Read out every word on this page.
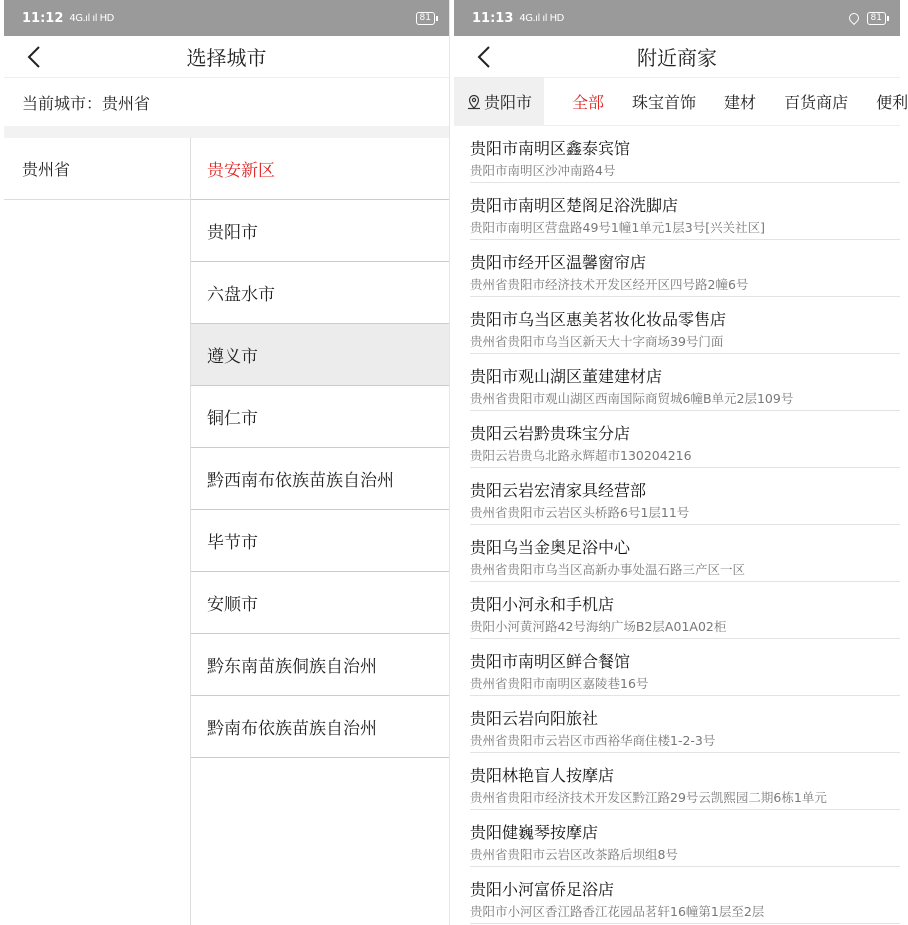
11:12 4G.ıl ıl HD	81
选择城市
当前城市：贵州省
贵州省	贵安新区
贵阳市
六盘水市
遵义市
铜仁市
黔西南布依族苗族自治州
毕节市
安顺市
黔东南苗族侗族自治州
黔南布依族苗族自治州
11:13 4G.ıl ıl HD	81
附近商家
贵阳市	全部 珠宝首饰 建材 百货商店 便利
贵阳市南明区鑫泰宾馆
贵阳市南明区沙冲南路4号
贵阳市南明区楚阁足浴洗脚店
贵阳市南明区营盘路49号1幢1单元1层3号[兴关社区]
贵阳市经开区温馨窗帘店
贵州省贵阳市经济技术开发区经开区四号路2幢6号
贵阳市乌当区惠美茗妆化妆品零售店
贵州省贵阳市乌当区新天大十字商场39号门面
贵阳市观山湖区董建建材店
贵州省贵阳市观山湖区西南国际商贸城6幢B单元2层109号
贵阳云岩黔贵珠宝分店
贵阳云岩贵乌北路永辉超市130204216
贵阳云岩宏清家具经营部
贵州省贵阳市云岩区头桥路6号1层11号
贵阳乌当金奥足浴中心
贵州省贵阳市乌当区高新办事处温石路三产区一区
贵阳小河永和手机店
贵阳小河黄河路42号海纳广场B2层A01A02柜
贵阳市南明区鲜合餐馆
贵州省贵阳市南明区嘉陵巷16号
贵阳云岩向阳旅社
贵州省贵阳市云岩区市西裕华商住楼1-2-3号
贵阳林艳盲人按摩店
贵州省贵阳市经济技术开发区黔江路29号云凯熙园二期6栋1单元
贵阳健巍琴按摩店
贵州省贵阳市云岩区改茶路后坝组8号
贵阳小河富侨足浴店
贵阳市小河区香江路香江花园品茗轩16幢第1层至2层
